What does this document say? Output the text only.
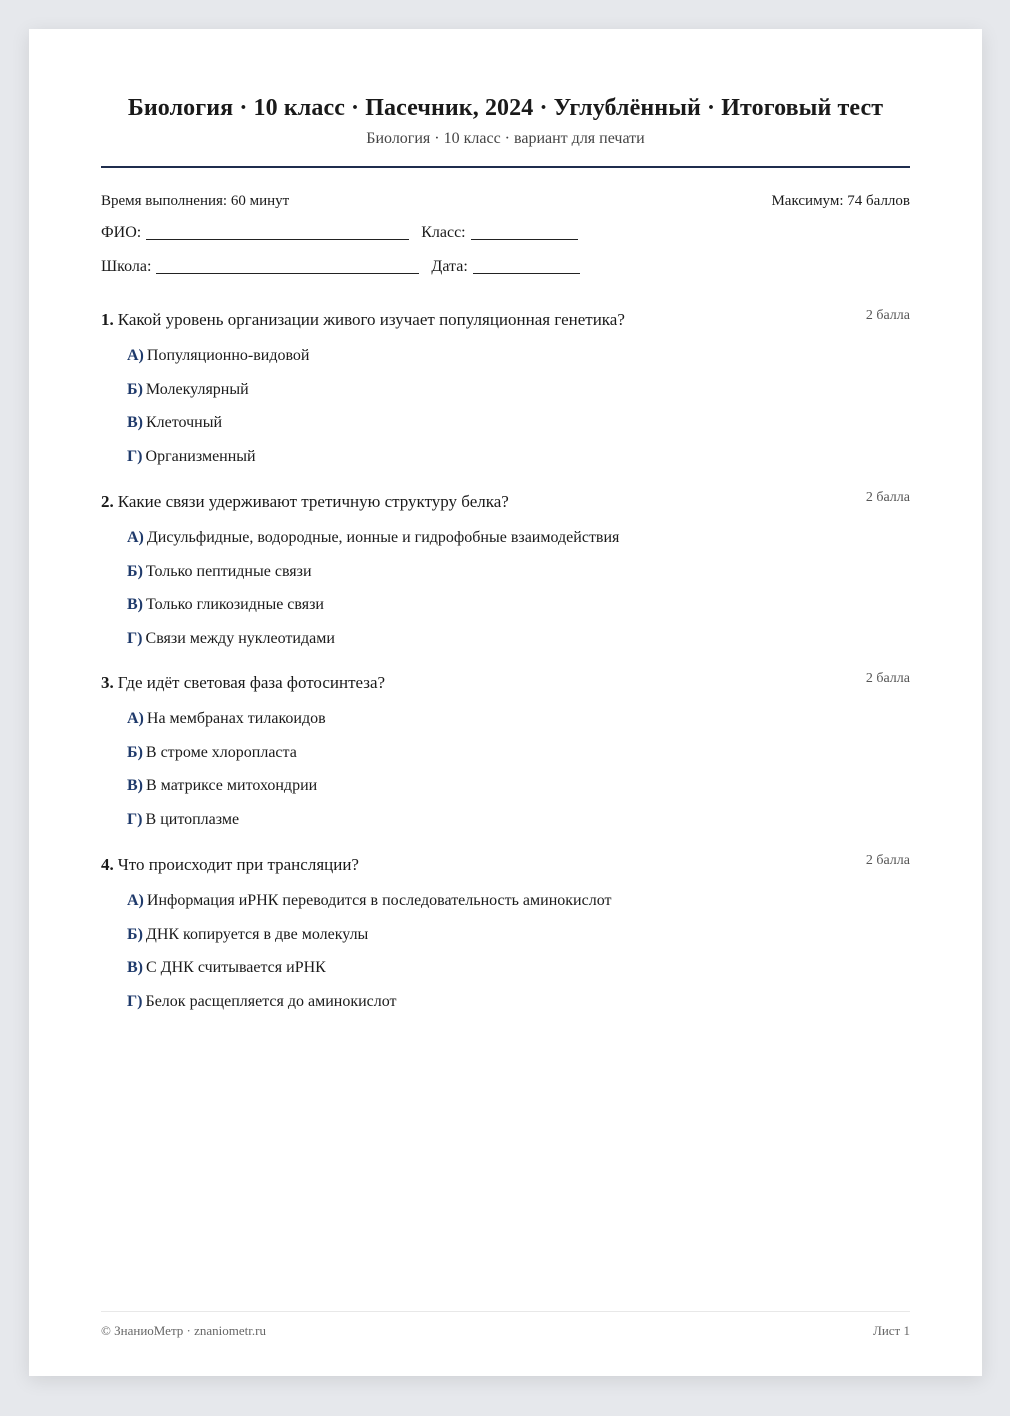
Биология · 10 класс · Пасечник, 2024 · Углублённый · Итоговый тест
Биология · 10 класс · вариант для печати
Время выполнения: 60 минут	Максимум: 74 баллов
ФИО:	Класс:
Школа:	Дата:
1. Какой уровень организации живого изучает популяционная генетика?	2 балла
А) Популяционно-видовой
Б) Молекулярный
В) Клеточный
Г) Организменный
2. Какие связи удерживают третичную структуру белка?	2 балла
А) Дисульфидные, водородные, ионные и гидрофобные взаимодействия
Б) Только пептидные связи
В) Только гликозидные связи
Г) Связи между нуклеотидами
3. Где идёт световая фаза фотосинтеза?	2 балла
А) На мембранах тилакоидов
Б) В строме хлоропласта
В) В матриксе митохондрии
Г) В цитоплазме
4. Что происходит при трансляции?	2 балла
А) Информация иРНК переводится в последовательность аминокислот
Б) ДНК копируется в две молекулы
В) С ДНК считывается иРНК
Г) Белок расщепляется до аминокислот
© ЗнаниоМетр · znaniometr.ru	Лист 1
